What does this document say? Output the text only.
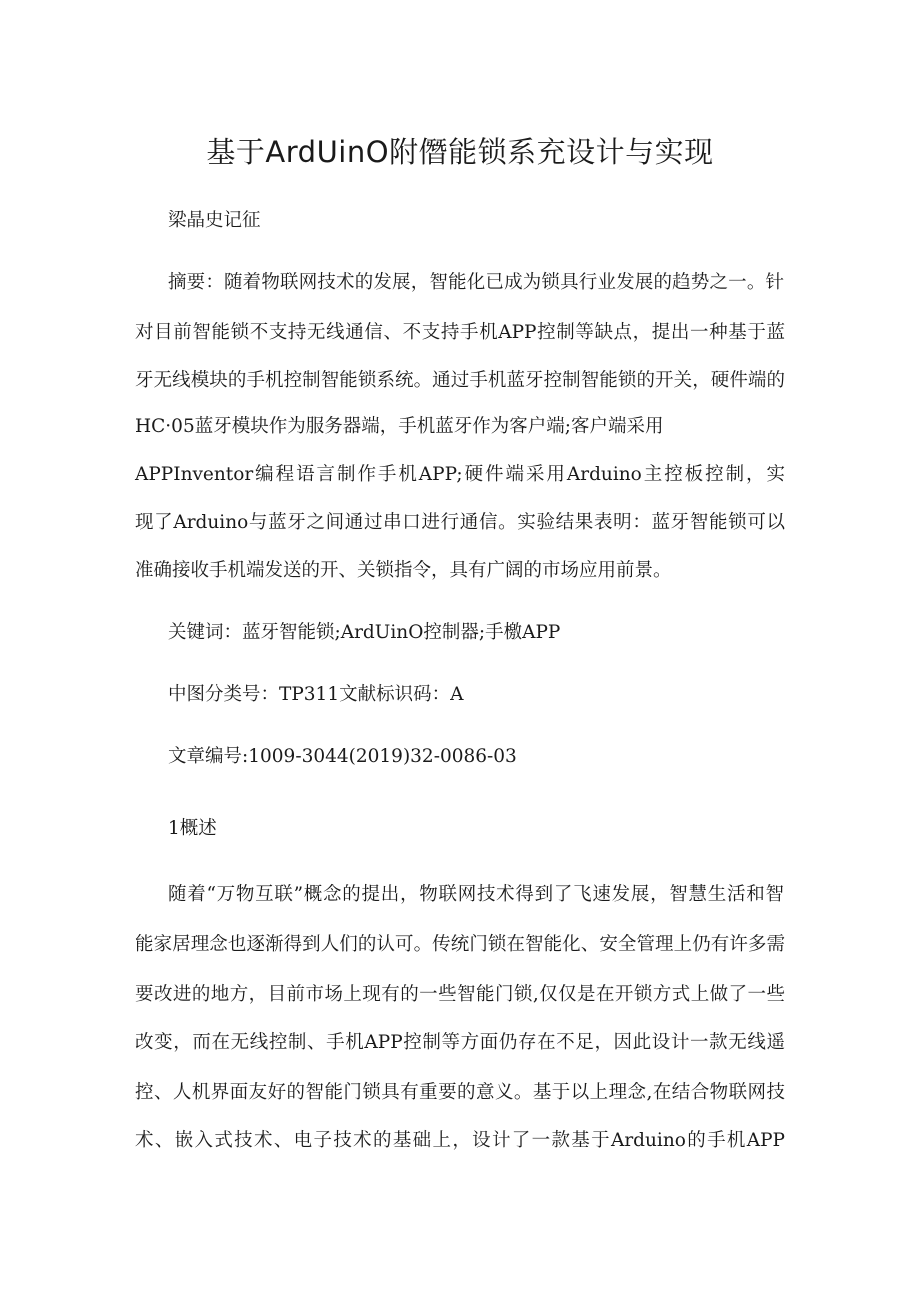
基于ArdUinO附僭能锁系充设计与实现
梁晶史记征
摘要：随着物联网技术的发展，智能化已成为锁具行业发展的趋势之一。针
对目前智能锁不支持无线通信、不支持手机APP控制等缺点，提出一种基于蓝
牙无线模块的手机控制智能锁系统。通过手机蓝牙控制智能锁的开关，硬件端的
HC·05蓝牙模块作为服务器端，手机蓝牙作为客户端;客户端采用
APPInventor编程语言制作手机APP;硬件端采用Arduino主控板控制，实
现了Arduino与蓝牙之间通过串口进行通信。实验结果表明：蓝牙智能锁可以
准确接收手机端发送的开、关锁指令，具有广阔的市场应用前景。
关键词：蓝牙智能锁;ArdUinO控制器;手檄APP
中图分类号：TP311文献标识码：A
文章编号:1009-3044(2019)32-0086-03
1概述
随着“万物互联”概念的提出，物联网技术得到了飞速发展，智慧生活和智
能家居理念也逐渐得到人们的认可。传统门锁在智能化、安全管理上仍有许多需
要改进的地方，目前市场上现有的一些智能门锁,仅仅是在开锁方式上做了一些
改变，而在无线控制、手机APP控制等方面仍存在不足，因此设计一款无线遥
控、人机界面友好的智能门锁具有重要的意义。基于以上理念,在结合物联网技
术、嵌入式技术、电子技术的基础上，设计了一款基于Arduino的手机APP
